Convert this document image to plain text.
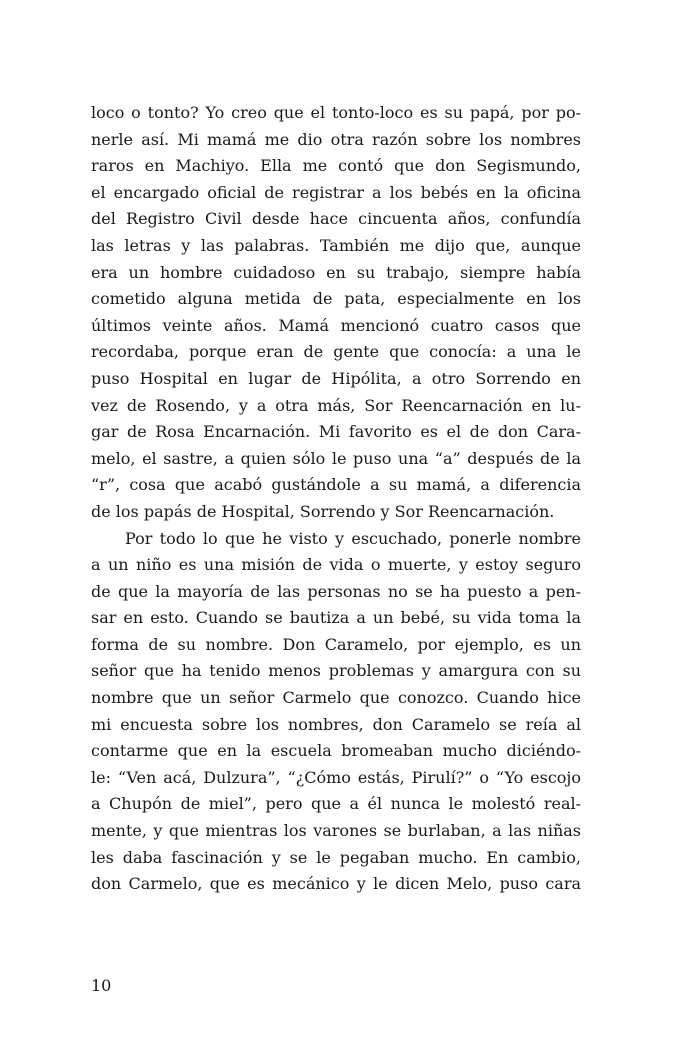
loco o tonto? Yo creo que el tonto-loco es su papá, por po-
nerle así. Mi mamá me dio otra razón sobre los nombres
raros en Machiyo. Ella me contó que don Segismundo,
el encargado oficial de registrar a los bebés en la oficina
del Registro Civil desde hace cincuenta años, confundía
las letras y las palabras. También me dijo que, aunque
era un hombre cuidadoso en su trabajo, siempre había
cometido alguna metida de pata, especialmente en los
últimos veinte años. Mamá mencionó cuatro casos que
recordaba, porque eran de gente que conocía: a una le
puso Hospital en lugar de Hipólita, a otro Sorrendo en
vez de Rosendo, y a otra más, Sor Reencarnación en lu-
gar de Rosa Encarnación. Mi favorito es el de don Cara-
melo, el sastre, a quien sólo le puso una “a” después de la
“r”, cosa que acabó gustándole a su mamá, a diferencia
de los papás de Hospital, Sorrendo y Sor Reencarnación.
Por todo lo que he visto y escuchado, ponerle nombre
a un niño es una misión de vida o muerte, y estoy seguro
de que la mayoría de las personas no se ha puesto a pen-
sar en esto. Cuando se bautiza a un bebé, su vida toma la
forma de su nombre. Don Caramelo, por ejemplo, es un
señor que ha tenido menos problemas y amargura con su
nombre que un señor Carmelo que conozco. Cuando hice
mi encuesta sobre los nombres, don Caramelo se reía al
contarme que en la escuela bromeaban mucho diciéndo-
le: “Ven acá, Dulzura”, “¿Cómo estás, Pirulí?” o “Yo escojo
a Chupón de miel”, pero que a él nunca le molestó real-
mente, y que mientras los varones se burlaban, a las niñas
les daba fascinación y se le pegaban mucho. En cambio,
don Carmelo, que es mecánico y le dicen Melo, puso cara
10
